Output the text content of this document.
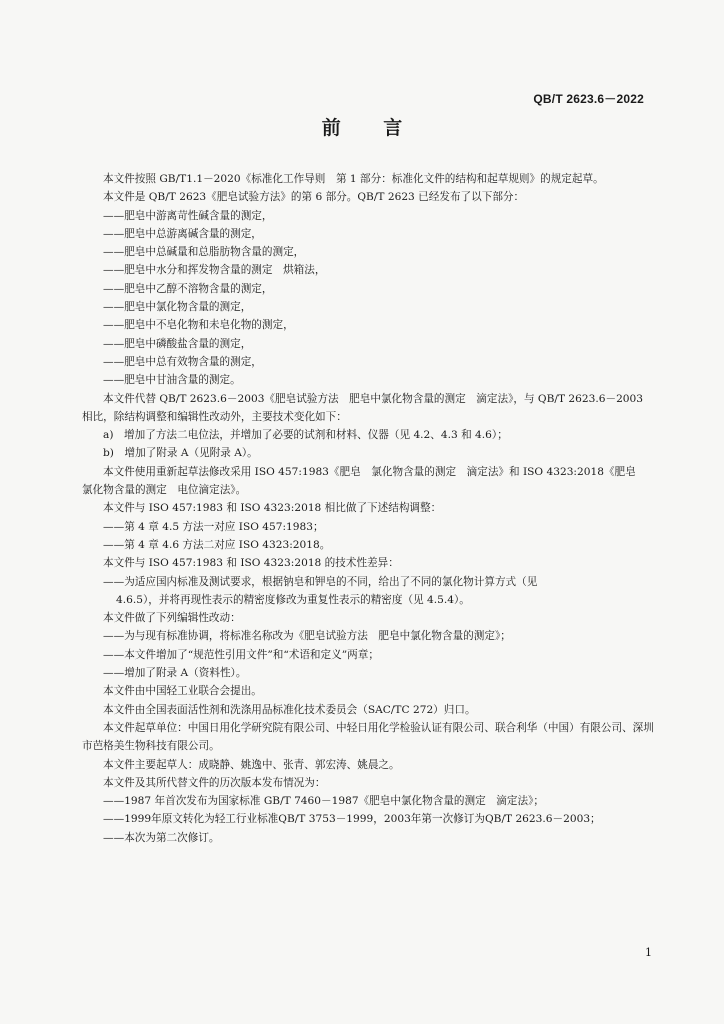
QB/T 2623.6－2022
前 言

本文件按照 GB/T1.1－2020《标准化工作导则　第 1 部分：标准化文件的结构和起草规则》的规定起草。

本文件是 QB/T 2623《肥皂试验方法》的第 6 部分。QB/T 2623 已经发布了以下部分：

——肥皂中游离苛性碱含量的测定，

——肥皂中总游离碱含量的测定，

——肥皂中总碱量和总脂肪物含量的测定，

——肥皂中水分和挥发物含量的测定　烘箱法，

——肥皂中乙醇不溶物含量的测定，

——肥皂中氯化物含量的测定，

——肥皂中不皂化物和未皂化物的测定，

——肥皂中磷酸盐含量的测定，

——肥皂中总有效物含量的测定，

——肥皂中甘油含量的测定。

本文件代替 QB/T 2623.6－2003《肥皂试验方法　肥皂中氯化物含量的测定　滴定法》，与 QB/T 2623.6－2003 相比，除结构调整和编辑性改动外，主要技术变化如下：

a)　增加了方法二电位法，并增加了必要的试剂和材料、仪器（见 4.2、4.3 和 4.6）；

b)　增加了附录 A（见附录 A）。

本文件使用重新起草法修改采用 ISO 457:1983《肥皂　氯化物含量的测定　滴定法》和 ISO 4323:2018《肥皂　氯化物含量的测定　电位滴定法》。

本文件与 ISO 457:1983 和 ISO 4323:2018 相比做了下述结构调整：

——第 4 章 4.5 方法一对应 ISO 457:1983；

——第 4 章 4.6 方法二对应 ISO 4323:2018。

本文件与 ISO 457:1983 和 ISO 4323:2018 的技术性差异：

——为适应国内标准及测试要求，根据钠皂和钾皂的不同，给出了不同的氯化物计算方式（见
4.6.5），并将再现性表示的精密度修改为重复性表示的精密度（见 4.5.4）。

本文件做了下列编辑性改动：

——为与现有标准协调，将标准名称改为《肥皂试验方法　肥皂中氯化物含量的测定》；

——本文件增加了“规范性引用文件”和“术语和定义”两章；

——增加了附录 A（资料性）。

本文件由中国轻工业联合会提出。

本文件由全国表面活性剂和洗涤用品标准化技术委员会（SAC/TC 272）归口。

本文件起草单位：中国日用化学研究院有限公司、中轻日用化学检验认证有限公司、联合利华（中国）有限公司、深圳市芭格美生物科技有限公司。

本文件主要起草人：成晓静、姚逸中、张青、郭宏涛、姚晨之。

本文件及其所代替文件的历次版本发布情况为：

——1987 年首次发布为国家标准 GB/T 7460－1987《肥皂中氯化物含量的测定　滴定法》；

——1999年原文转化为轻工行业标准QB/T 3753－1999，2003年第一次修订为QB/T 2623.6－2003；

——本次为第二次修订。

1
